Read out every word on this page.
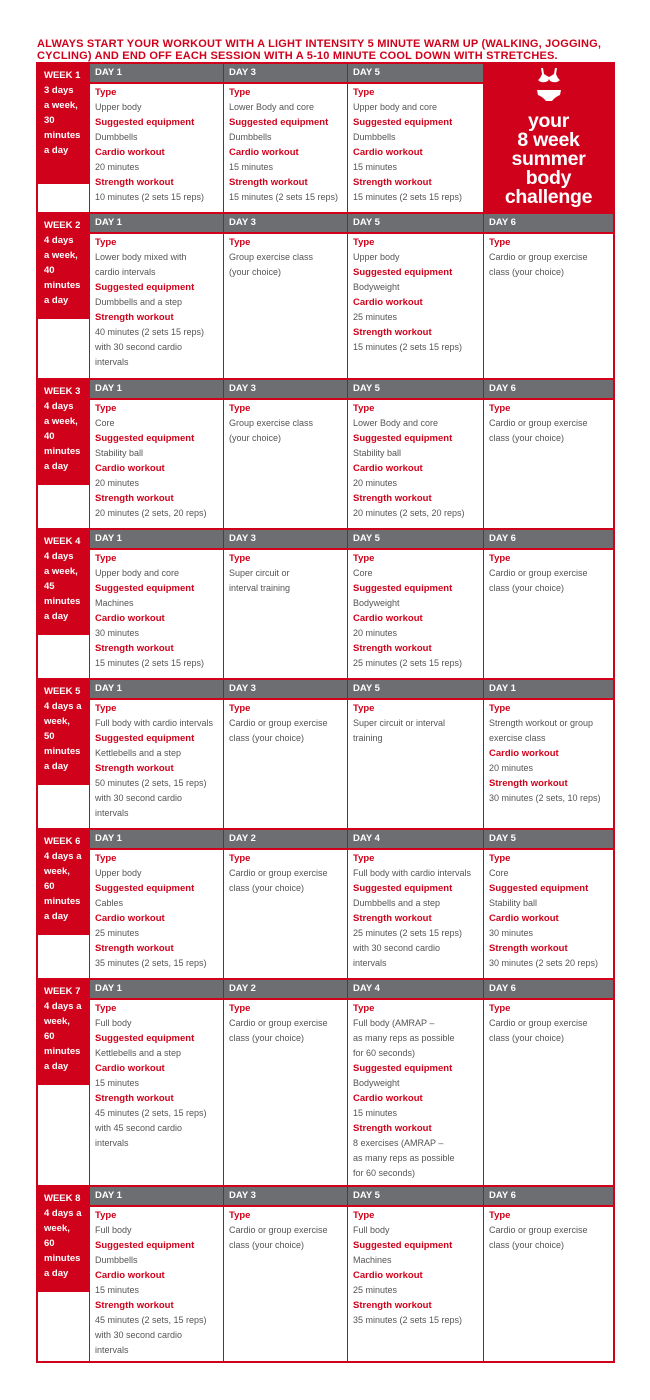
ALWAYS START YOUR WORKOUT WITH A LIGHT INTENSITY 5 MINUTE WARM UP (WALKING, JOGGING, CYCLING) AND END OFF EACH SESSION WITH A 5-10 MINUTE COOL DOWN WITH STRETCHES.
WEEK 1
3 days
a week,
30
minutes
a day
DAY 1
Type
Upper body
Suggested equipment
Dumbbells
Cardio workout
20 minutes
Strength workout
10 minutes (2 sets 15 reps)
DAY 3
Type
Lower Body and core
Suggested equipment
Dumbbells
Cardio workout
15 minutes
Strength workout
15 minutes (2 sets 15 reps)
DAY 5
Type
Upper body and core
Suggested equipment
Dumbbells
Cardio workout
15 minutes
Strength workout
15 minutes (2 sets 15 reps)
your
8 week
summer
body
challenge
WEEK 2
4 days
a week,
40
minutes
a day
DAY 1
Type
Lower body mixed with
cardio intervals
Suggested equipment
Dumbbells and a step
Strength workout
40 minutes (2 sets 15 reps)
with 30 second cardio
intervals
DAY 3
Type
Group exercise class
(your choice)
DAY 5
Type
Upper body
Suggested equipment
Bodyweight
Cardio workout
25 minutes
Strength workout
15 minutes (2 sets 15 reps)
DAY 6
Type
Cardio or group exercise
class (your choice)
WEEK 3
4 days
a week,
40
minutes
a day
DAY 1
Type
Core
Suggested equipment
Stability ball
Cardio workout
20 minutes
Strength workout
20 minutes (2 sets, 20 reps)
DAY 3
Type
Group exercise class
(your choice)
DAY 5
Type
Lower Body and core
Suggested equipment
Stability ball
Cardio workout
20 minutes
Strength workout
20 minutes (2 sets, 20 reps)
DAY 6
Type
Cardio or group exercise
class (your choice)
WEEK 4
4 days
a week,
45
minutes
a day
DAY 1
Type
Upper body and core
Suggested equipment
Machines
Cardio workout
30 minutes
Strength workout
15 minutes (2 sets 15 reps)
DAY 3
Type
Super circuit or
interval training
DAY 5
Type
Core
Suggested equipment
Bodyweight
Cardio workout
20 minutes
Strength workout
25 minutes (2 sets 15 reps)
DAY 6
Type
Cardio or group exercise
class (your choice)
WEEK 5
4 days a
week,
50
minutes
a day
DAY 1
Type
Full body with cardio intervals
Suggested equipment
Kettlebells and a step
Strength workout
50 minutes (2 sets, 15 reps)
with 30 second cardio
intervals
DAY 3
Type
Cardio or group exercise
class (your choice)
DAY 5
Type
Super circuit or interval
training
DAY 1
Type
Strength workout or group
exercise class
Cardio workout
20 minutes
Strength workout
30 minutes (2 sets, 10 reps)
WEEK 6
4 days a
week,
60
minutes
a day
DAY 1
Type
Upper body
Suggested equipment
Cables
Cardio workout
25 minutes
Strength workout
35 minutes (2 sets, 15 reps)
DAY 2
Type
Cardio or group exercise
class (your choice)
DAY 4
Type
Full body with cardio intervals
Suggested equipment
Dumbbells and a step
Strength workout
25 minutes (2 sets 15 reps)
with 30 second cardio
intervals
DAY 5
Type
Core
Suggested equipment
Stability ball
Cardio workout
30 minutes
Strength workout
30 minutes (2 sets 20 reps)
WEEK 7
4 days a
week,
60
minutes
a day
DAY 1
Type
Full body
Suggested equipment
Kettlebells and a step
Cardio workout
15 minutes
Strength workout
45 minutes (2 sets, 15 reps)
with 45 second cardio
intervals
DAY 2
Type
Cardio or group exercise
class (your choice)
DAY 4
Type
Full body (AMRAP –
as many reps as possible
for 60 seconds)
Suggested equipment
Bodyweight
Cardio workout
15 minutes
Strength workout
8 exercises (AMRAP –
as many reps as possible
for 60 seconds)
DAY 6
Type
Cardio or group exercise
class (your choice)
WEEK 8
4 days a
week,
60
minutes
a day
DAY 1
Type
Full body
Suggested equipment
Dumbbells
Cardio workout
15 minutes
Strength workout
45 minutes (2 sets, 15 reps)
with 30 second cardio
intervals
DAY 3
Type
Cardio or group exercise
class (your choice)
DAY 5
Type
Full body
Suggested equipment
Machines
Cardio workout
25 minutes
Strength workout
35 minutes (2 sets 15 reps)
DAY 6
Type
Cardio or group exercise
class (your choice)
